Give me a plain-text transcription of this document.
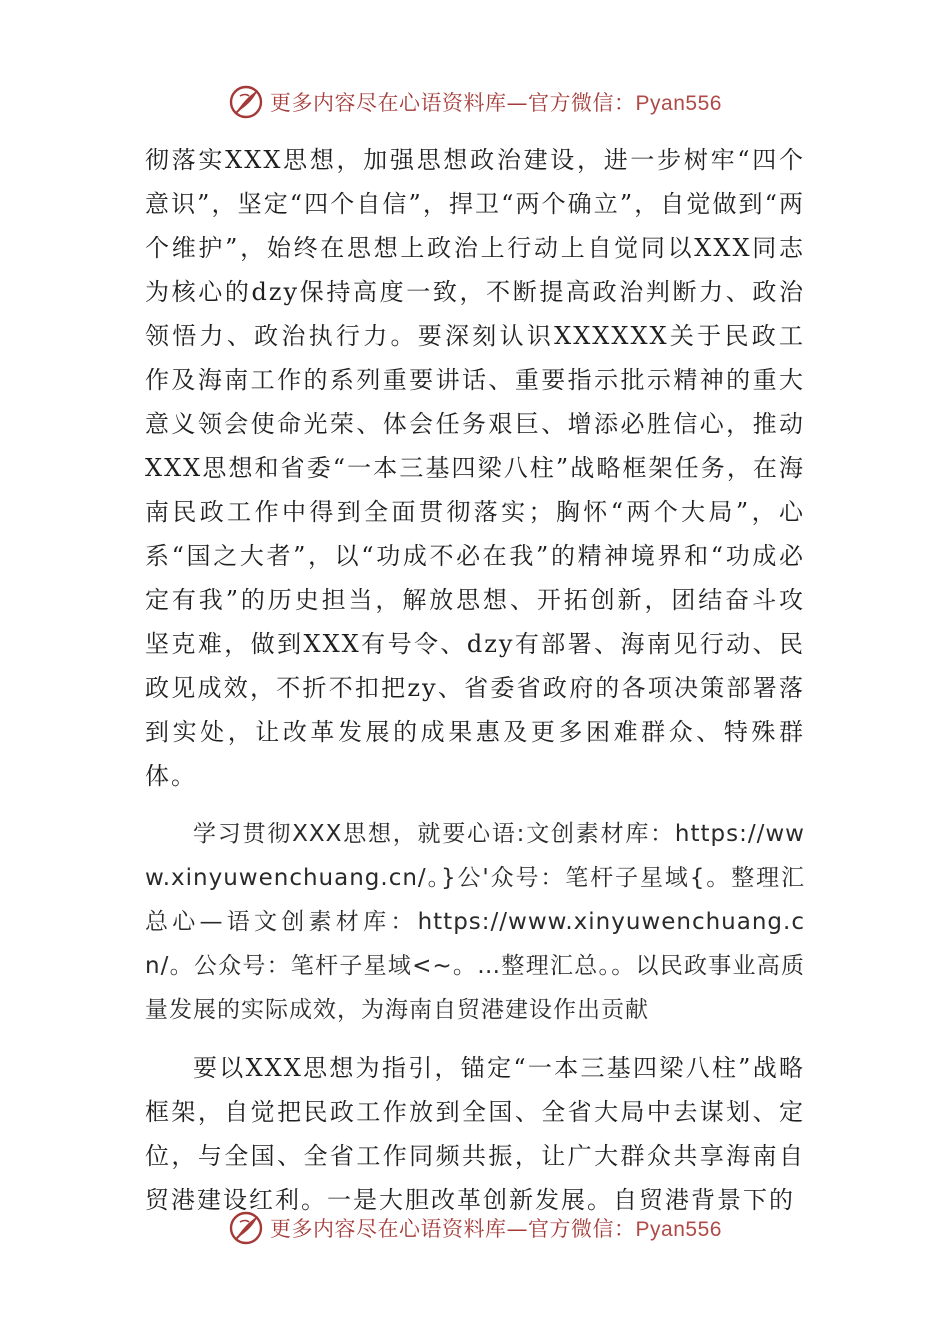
更多内容尽在心语资料库—官方微信：Pyan556

彻落实XXX思想，加强思想政治建设，进一步树牢“四个意识”，坚定“四个自信”，捍卫“两个确立”，自觉做到“两个维护”，始终在思想上政治上行动上自觉同以XXX同志为核心的dzy保持高度一致，不断提高政治判断力、政治领悟力、政治执行力。要深刻认识XXXXXX关于民政工作及海南工作的系列重要讲话、重要指示批示精神的重大意义领会使命光荣、体会任务艰巨、增添必胜信心，推动XXX思想和省委“一本三基四梁八柱”战略框架任务，在海南民政工作中得到全面贯彻落实；胸怀“两个大局”，心系“国之大者”，以“功成不必在我”的精神境界和“功成必定有我”的历史担当，解放思想、开拓创新，团结奋斗攻坚克难，做到XXX有号令、dzy有部署、海南见行动、民政见成效，不折不扣把zy、省委省政府的各项决策部署落到实处，让改革发展的成果惠及更多困难群众、特殊群体。

学习贯彻XXX思想，就要心语:文创素材库：https://www.xinyuwenchuang.cn/。}公'众号：笔杆子星域{。整理汇总心—语文创素材库：https://www.xinyuwenchuang.cn/。公众号：笔杆子星域<~。…整理汇总。。以民政事业高质量发展的实际成效，为海南自贸港建设作出贡献

要以XXX思想为指引，锚定“一本三基四梁八柱”战略框架，自觉把民政工作放到全国、全省大局中去谋划、定位，与全国、全省工作同频共振，让广大群众共享海南自贸港建设红利。一是大胆改革创新发展。自贸港背景下的

更多内容尽在心语资料库—官方微信：Pyan556
